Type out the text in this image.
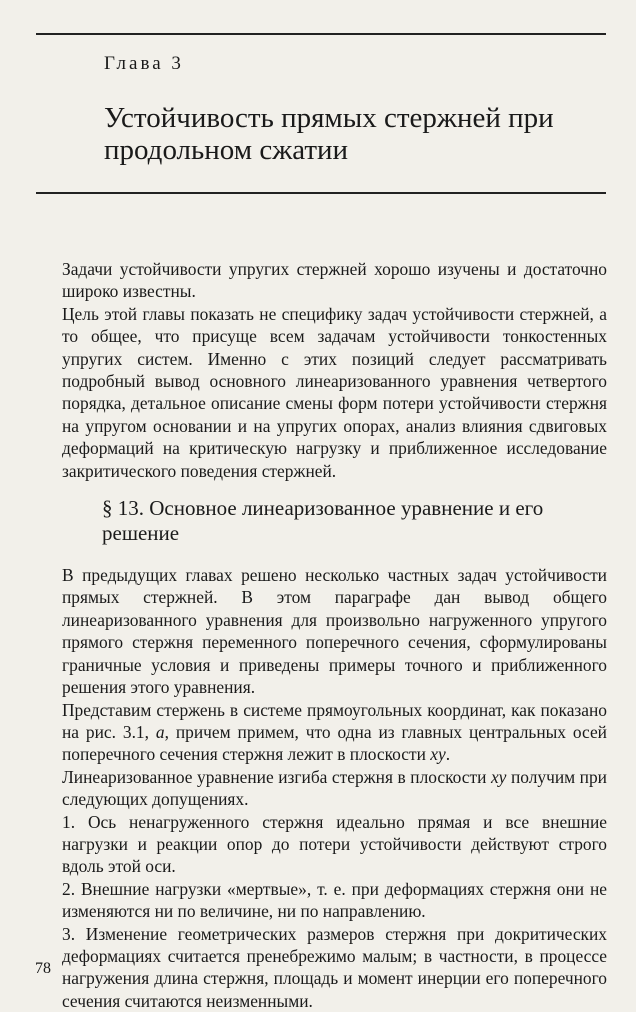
Глава 3
Устойчивость прямых стержней при продольном сжатии

Задачи устойчивости упругих стержней хорошо изучены и достаточно широко известны.

Цель этой главы показать не специфику задач устойчивости стержней, а то общее, что присуще всем задачам устойчивости тонкостенных упругих систем. Именно с этих позиций следует рассматривать подробный вывод основного линеаризованного уравнения четвертого порядка, детальное описание смены форм потери устойчивости стержня на упругом основании и на упругих опорах, анализ влияния сдвиговых деформаций на критическую нагрузку и приближенное исследование закритического поведения стержней.

§ 13. Основное линеаризованное уравнение и его решение

В предыдущих главах решено несколько частных задач устойчивости прямых стержней. В этом параграфе дан вывод общего линеаризованного уравнения для произвольно нагруженного упругого прямого стержня переменного поперечного сечения, сформулированы граничные условия и приведены примеры точного и приближенного решения этого уравнения.

Представим стержень в системе прямоугольных координат, как показано на рис. 3.1, а, причем примем, что одна из главных центральных осей поперечного сечения стержня лежит в плоскости xy.

Линеаризованное уравнение изгиба стержня в плоскости xy получим при следующих допущениях.

1. Ось ненагруженного стержня идеально прямая и все внешние нагрузки и реакции опор до потери устойчивости действуют строго вдоль этой оси.

2. Внешние нагрузки «мертвые», т. е. при деформациях стержня они не изменяются ни по величине, ни по направлению.

3. Изменение геометрических размеров стержня при докритических деформациях считается пренебрежимо малым; в частности, в процессе нагружения длина стержня, площадь и момент инерции его поперечного сечения считаются неизменными.

78
